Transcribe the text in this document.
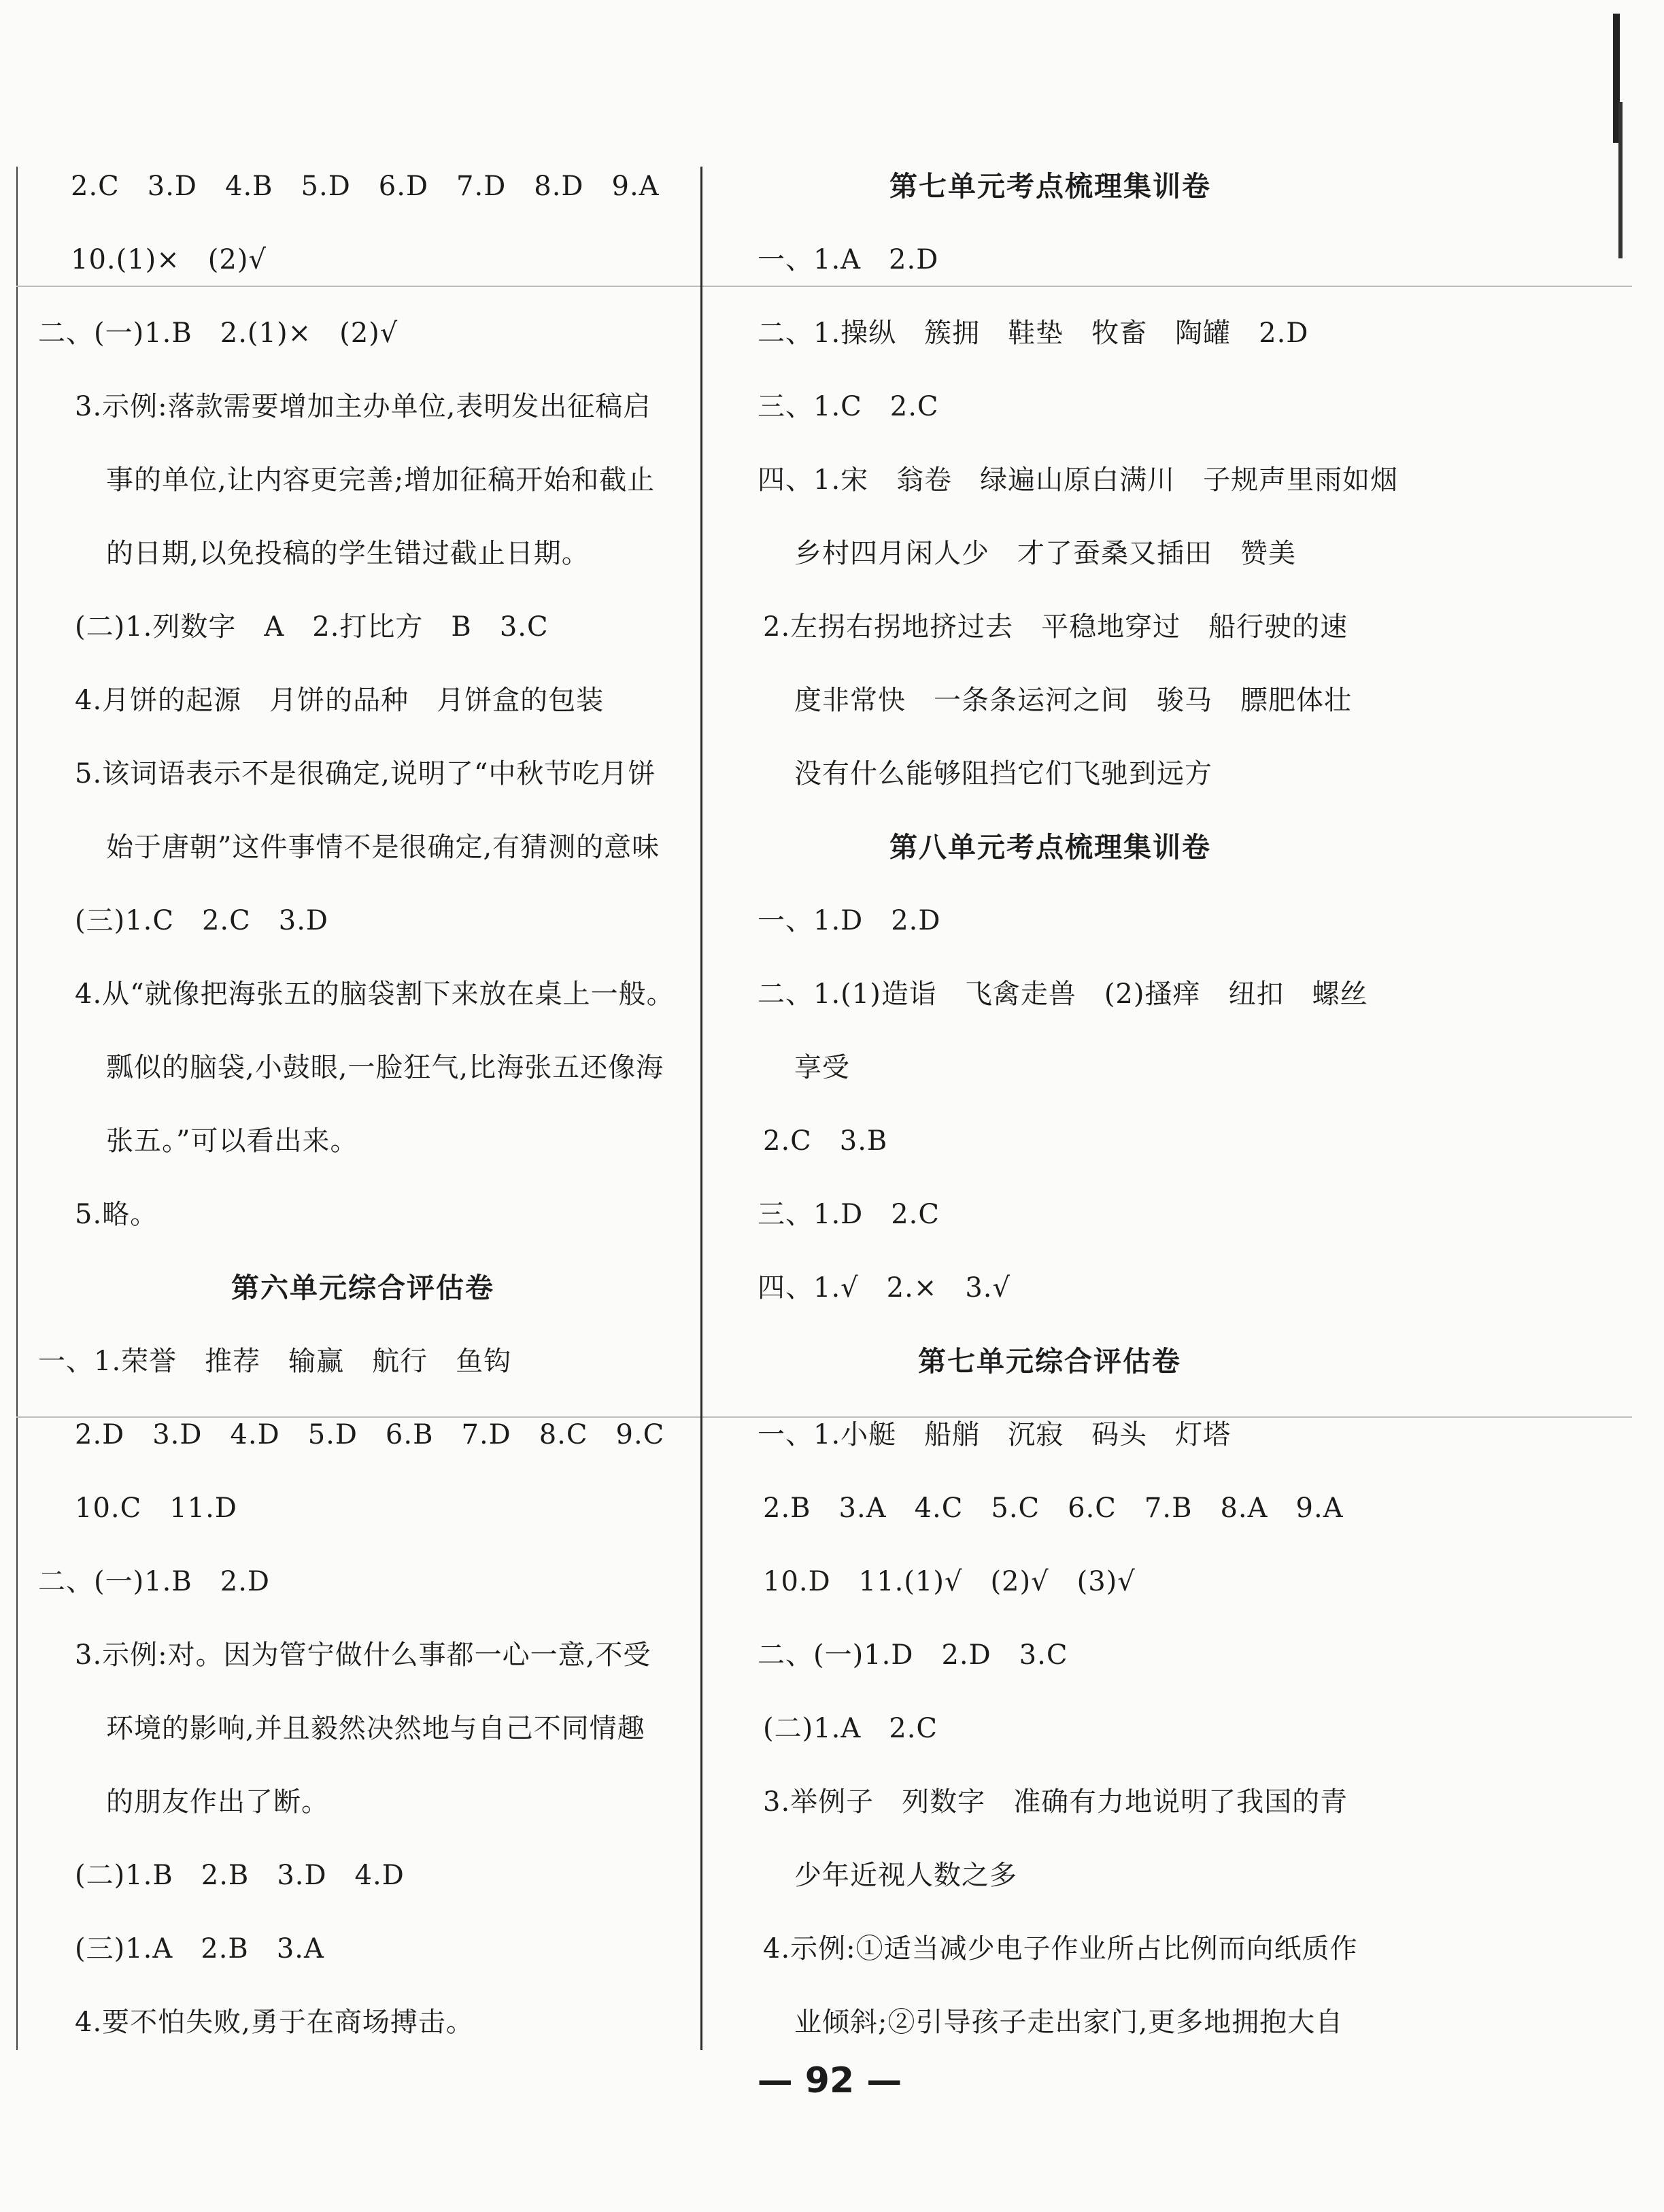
2.C　3.D　4.B　5.D　6.D　7.D　8.D　9.A
10.(1)×　(2)√
二、(一)1.B　2.(1)×　(2)√
3.示例:落款需要增加主办单位,表明发出征稿启
事的单位,让内容更完善;增加征稿开始和截止
的日期,以免投稿的学生错过截止日期。
(二)1.列数字　A　2.打比方　B　3.C
4.月饼的起源　月饼的品种　月饼盒的包装
5.该词语表示不是很确定,说明了“中秋节吃月饼
始于唐朝”这件事情不是很确定,有猜测的意味
(三)1.C　2.C　3.D
4.从“就像把海张五的脑袋割下来放在桌上一般。
瓢似的脑袋,小鼓眼,一脸狂气,比海张五还像海
张五。”可以看出来。
5.略。
第六单元综合评估卷
一、1.荣誉　推荐　输赢　航行　鱼钩
2.D　3.D　4.D　5.D　6.B　7.D　8.C　9.C
10.C　11.D
二、(一)1.B　2.D
3.示例:对。因为管宁做什么事都一心一意,不受
环境的影响,并且毅然决然地与自己不同情趣
的朋友作出了断。
(二)1.B　2.B　3.D　4.D
(三)1.A　2.B　3.A
4.要不怕失败,勇于在商场搏击。
第七单元考点梳理集训卷
一、1.A　2.D
二、1.操纵　簇拥　鞋垫　牧畜　陶罐　2.D
三、1.C　2.C
四、1.宋　翁卷　绿遍山原白满川　子规声里雨如烟
乡村四月闲人少　才了蚕桑又插田　赞美
2.左拐右拐地挤过去　平稳地穿过　船行驶的速
度非常快　一条条运河之间　骏马　膘肥体壮
没有什么能够阻挡它们飞驰到远方
第八单元考点梳理集训卷
一、1.D　2.D
二、1.(1)造诣　飞禽走兽　(2)搔痒　纽扣　螺丝
享受
2.C　3.B
三、1.D　2.C
四、1.√　2.×　3.√
第七单元综合评估卷
一、1.小艇　船艄　沉寂　码头　灯塔
2.B　3.A　4.C　5.C　6.C　7.B　8.A　9.A
10.D　11.(1)√　(2)√　(3)√
二、(一)1.D　2.D　3.C
(二)1.A　2.C
3.举例子　列数字　准确有力地说明了我国的青
少年近视人数之多
4.示例:①适当减少电子作业所占比例而向纸质作
业倾斜;②引导孩子走出家门,更多地拥抱大自
— 92 —
